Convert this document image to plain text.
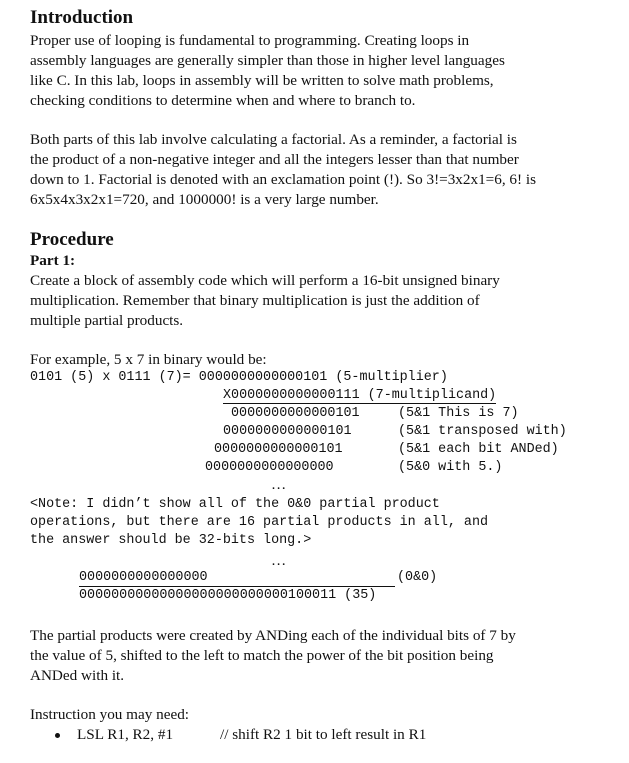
Introduction
Proper use of looping is fundamental to programming. Creating loops in
assembly languages are generally simpler than those in higher level languages
like C. In this lab, loops in assembly will be written to solve math problems,
checking conditions to determine when and where to branch to.
Both parts of this lab involve calculating a factorial. As a reminder, a factorial is
the product of a non-negative integer and all the integers lesser than that number
down to 1. Factorial is denoted with an exclamation point (!). So 3!=3x2x1=6, 6! is
6x5x4x3x2x1=720, and 1000000! is a very large number.
Procedure
Part 1:
Create a block of assembly code which will perform a 16-bit unsigned binary
multiplication. Remember that binary multiplication is just the addition of
multiple partial products.
For example, 5 x 7 in binary would be:
0101 (5) x 0111 (7)= 0000000000000101 (5-multiplier)
X0000000000000111 (7-multiplicand)
0000000000000101	(5&1 This is 7)
0000000000000101	(5&1 transposed with)
0000000000000101	(5&1 each bit ANDed)
0000000000000000	(5&0 with 5.)
…
<Note: I didn’t show all of the 0&0 partial product
operations, but there are 16 partial products in all, and
the answer should be 32-bits long.>
…
0000000000000000	(0&0)
00000000000000000000000000100011 (35)
The partial products were created by ANDing each of the individual bits of 7 by
the value of 5, shifted to the left to match the power of the bit position being
ANDed with it.
Instruction you may need:
LSL R1, R2, #1	// shift R2 1 bit to left result in R1
